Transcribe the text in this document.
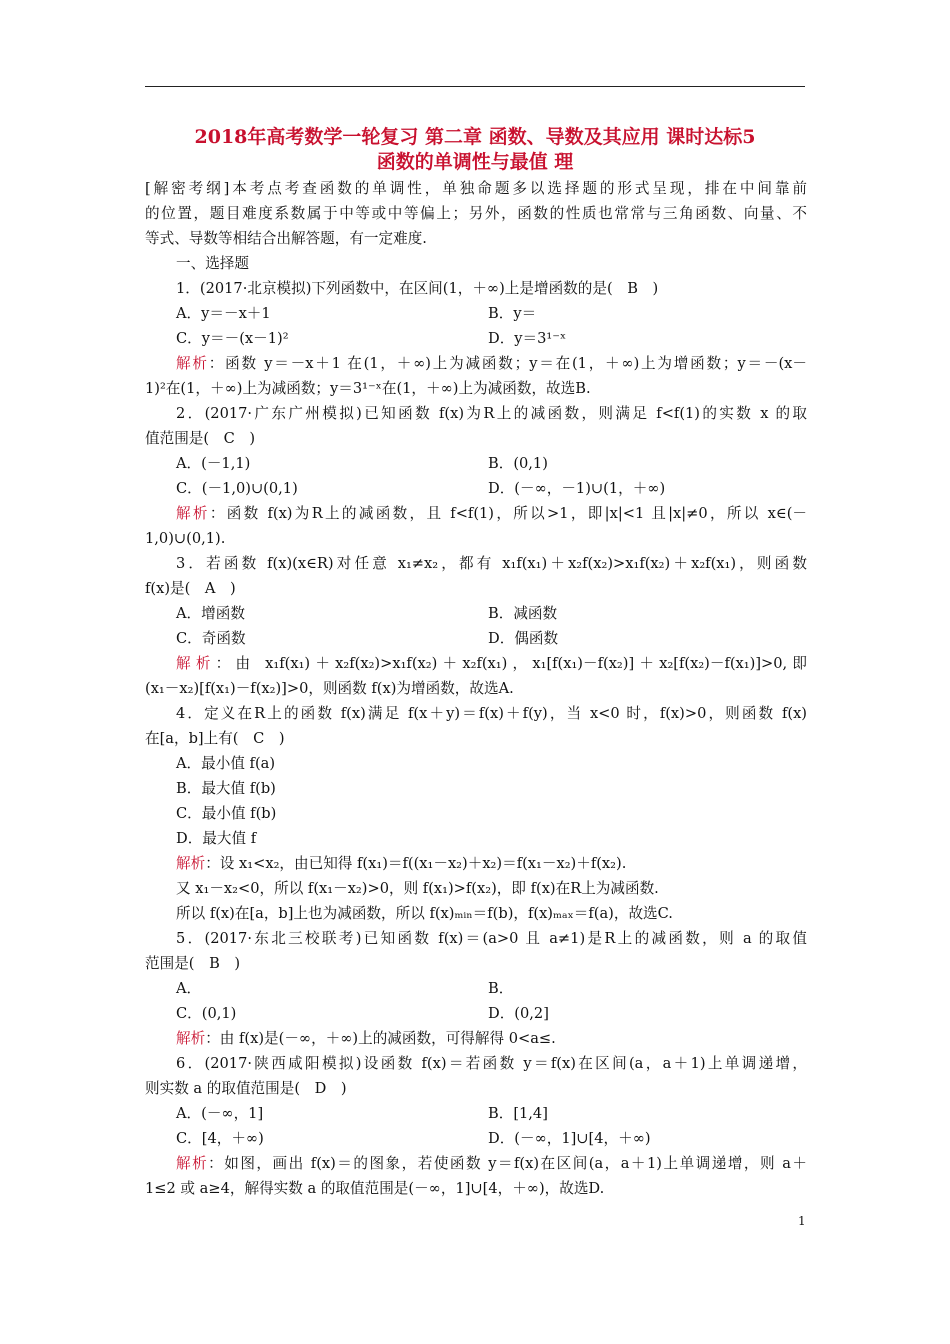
2018年高考数学一轮复习 第二章 函数、导数及其应用 课时达标5
函数的单调性与最值 理
[解密考纲]本考点考查函数的单调性，单独命题多以选择题的形式呈现，排在中间靠前
的位置，题目难度系数属于中等或中等偏上；另外，函数的性质也常常与三角函数、向量、不
等式、导数等相结合出解答题，有一定难度.
一、选择题
1．(2017·北京模拟)下列函数中，在区间(1，＋∞)上是增函数的是(　B　)
A．y＝－x＋1	B．y＝
C．y＝－(x－1)²	D．y＝3¹⁻ˣ
解析：函数 y＝－x＋1 在(1，＋∞)上为减函数；y＝在(1，＋∞)上为增函数；y＝－(x－
1)²在(1，＋∞)上为减函数；y＝3¹⁻ˣ在(1，＋∞)上为减函数，故选B.
2．(2017·广东广州模拟)已知函数 f(x)为R上的减函数，则满足 f<f(1)的实数 x 的取
值范围是(　C　)
A．(－1,1)	B．(0,1)
C．(－1,0)∪(0,1)	D．(－∞，－1)∪(1，＋∞)
解析：函数 f(x)为R上的减函数，且 f<f(1)，所以>1，即|x|<1 且|x|≠0，所以 x∈(－
1,0)∪(0,1).
3．若函数 f(x)(x∈R)对任意 x₁≠x₂，都有 x₁f(x₁)＋x₂f(x₂)>x₁f(x₂)＋x₂f(x₁)，则函数
f(x)是(　A　)
A．增函数	B．减函数
C．奇函数	D．偶函数
解析：由 x₁f(x₁)＋x₂f(x₂)>x₁f(x₂)＋x₂f(x₁)，x₁[f(x₁)－f(x₂)]＋x₂[f(x₂)－f(x₁)]>0,即
(x₁－x₂)[f(x₁)－f(x₂)]>0，则函数 f(x)为增函数，故选A.
4．定义在R上的函数 f(x)满足 f(x＋y)＝f(x)＋f(y)，当 x<0 时，f(x)>0，则函数 f(x)
在[a，b]上有(　C　)
A．最小值 f(a)
B．最大值 f(b)
C．最小值 f(b)
D．最大值 f
解析：设 x₁<x₂，由已知得 f(x₁)＝f((x₁－x₂)＋x₂)＝f(x₁－x₂)＋f(x₂).
又 x₁－x₂<0，所以 f(x₁－x₂)>0，则 f(x₁)>f(x₂)，即 f(x)在R上为减函数.
所以 f(x)在[a，b]上也为减函数，所以 f(x)ₘᵢₙ＝f(b)，f(x)ₘₐₓ＝f(a)，故选C.
5．(2017·东北三校联考)已知函数 f(x)＝(a>0 且 a≠1)是R上的减函数，则 a 的取值
范围是(　B　)
A．	B．
C．(0,1)	D．(0,2]
解析：由 f(x)是(－∞，＋∞)上的减函数，可得解得 0<a≤.
6．(2017·陕西咸阳模拟)设函数 f(x)＝若函数 y＝f(x)在区间(a，a＋1)上单调递增，
则实数 a 的取值范围是(　D　)
A．(－∞，1]	B．[1,4]
C．[4，＋∞)	D．(－∞，1]∪[4，＋∞)
解析：如图，画出 f(x)＝的图象，若使函数 y＝f(x)在区间(a，a＋1)上单调递增，则 a＋
1≤2 或 a≥4，解得实数 a 的取值范围是(－∞，1]∪[4，＋∞)，故选D.
1
